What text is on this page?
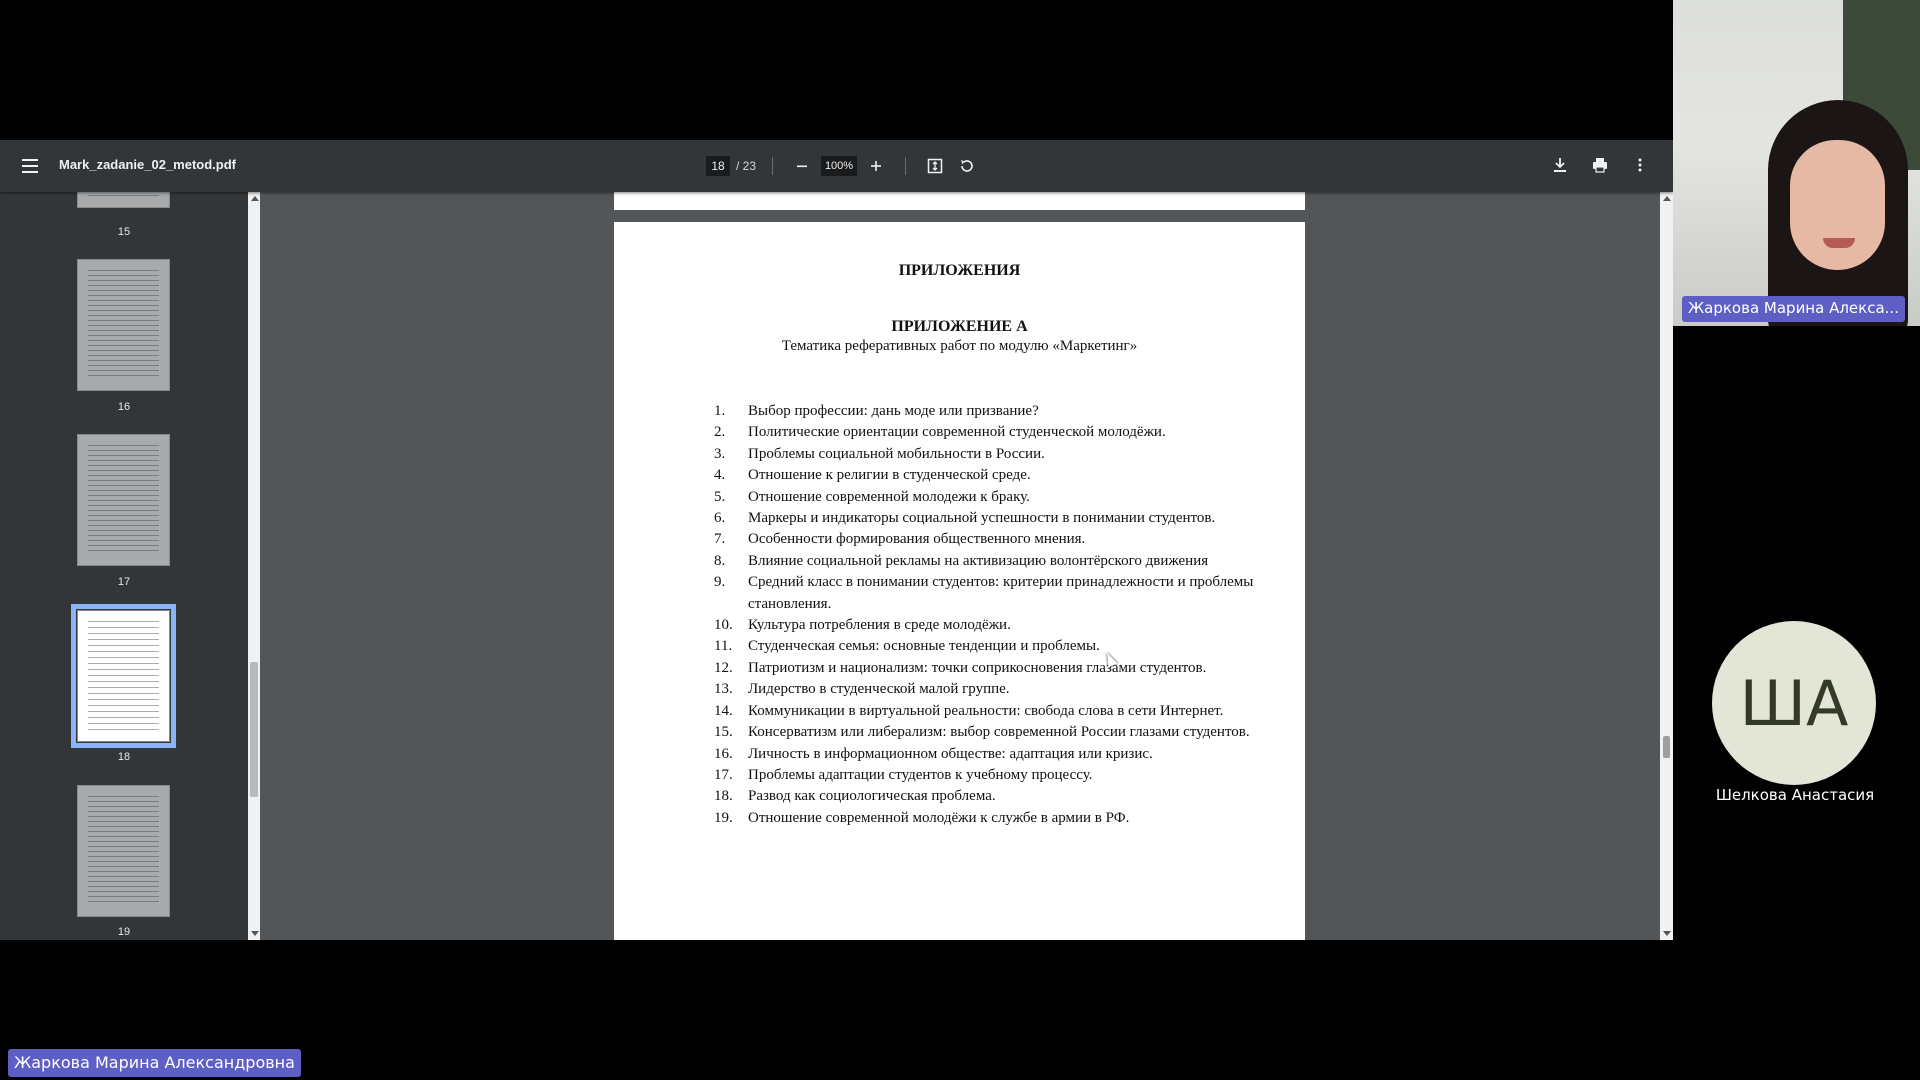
Mark_zadanie_02_metod.pdf
18	/ 23
100%
15
16
17
18
19
ПРИЛОЖЕНИЯ
ПРИЛОЖЕНИЕ А
Тематика реферативных работ по модулю «Маркетинг»
1.	Выбор профессии: дань моде или призвание?
2.	Политические ориентации современной студенческой молодёжи.
3.	Проблемы социальной мобильности в России.
4.	Отношение к религии в студенческой среде.
5.	Отношение современной молодежи к браку.
6.	Маркеры и индикаторы социальной успешности в понимании студентов.
7.	Особенности формирования общественного мнения.
8.	Влияние социальной рекламы на активизацию волонтёрского движения
9.	Средний класс в понимании студентов: критерии принадлежности и проблемы становления.
10.	Культура потребления в среде молодёжи.
11.	Студенческая семья: основные тенденции и проблемы.
12.	Патриотизм и национализм: точки соприкосновения глазами студентов.
13.	Лидерство в студенческой малой группе.
14.	Коммуникации в виртуальной реальности: свобода слова в сети Интернет.
15.	Консерватизм или либерализм: выбор современной России глазами студентов.
16.	Личность в информационном обществе: адаптация или кризис.
17.	Проблемы адаптации студентов к учебному процессу.
18.	Развод как социологическая проблема.
19.	Отношение современной молодёжи к службе в армии в РФ.
Жаркова Марина Алекса...
ША
Шелкова Анастасия
Жаркова Марина Александровна
